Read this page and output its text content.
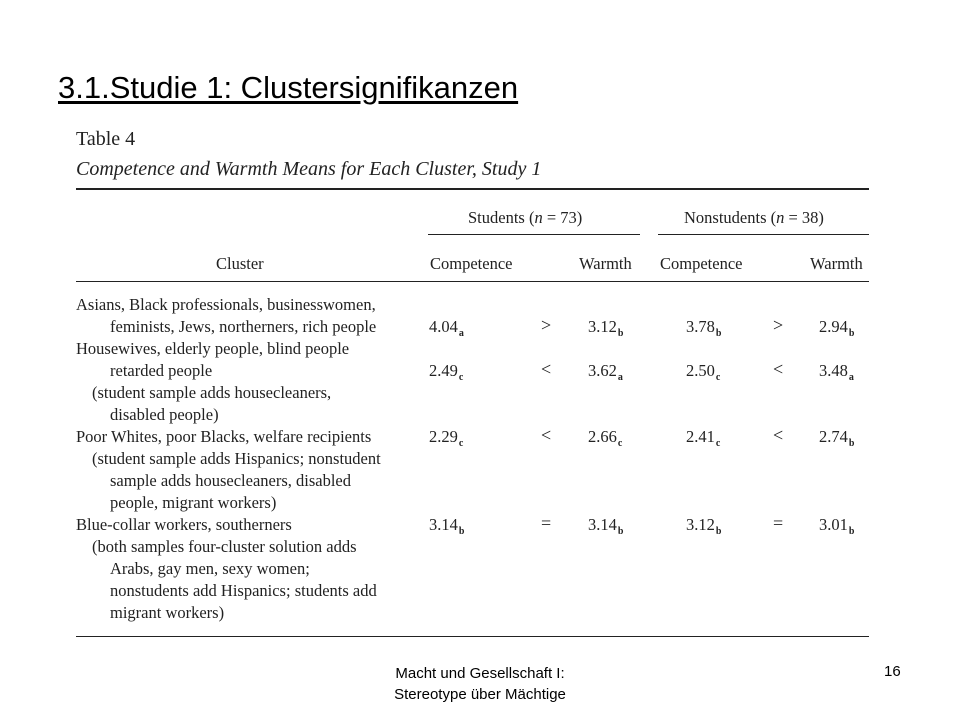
3.1.Studie 1: Clustersignifikanzen
Table 4
Competence and Warmth Means for Each Cluster, Study 1
Students (n = 73)	Nonstudents (n = 38)
Cluster	Competence	Warmth Competence	Warmth
Asians, Black professionals, businesswomen,
feminists, Jews, northerners, rich people	$4.04_a$	> $3.12_b$	$3.78_b$	> $2.94_b$
Housewives, elderly people, blind people
retarded people
(student sample adds housecleaners,
disabled people)
$2.49_c$	< $3.62_a$	$2.50_c$	< $3.48_a$
Poor Whites, poor Blacks, welfare recipients
(student sample adds Hispanics; nonstudent
sample adds housecleaners, disabled
people, migrant workers)
$2.29_c$	< $2.66_c$	$2.41_c$	< $2.74_b$
Blue-collar workers, southerners
(both samples four-cluster solution adds
Arabs, gay men, sexy women;
nonstudents add Hispanics; students add
migrant workers)
$3.14_b$	= $3.14_b$	$3.12_b$	= $3.01_b$
Macht und Gesellschaft I:
Stereotype über Mächtige
16
